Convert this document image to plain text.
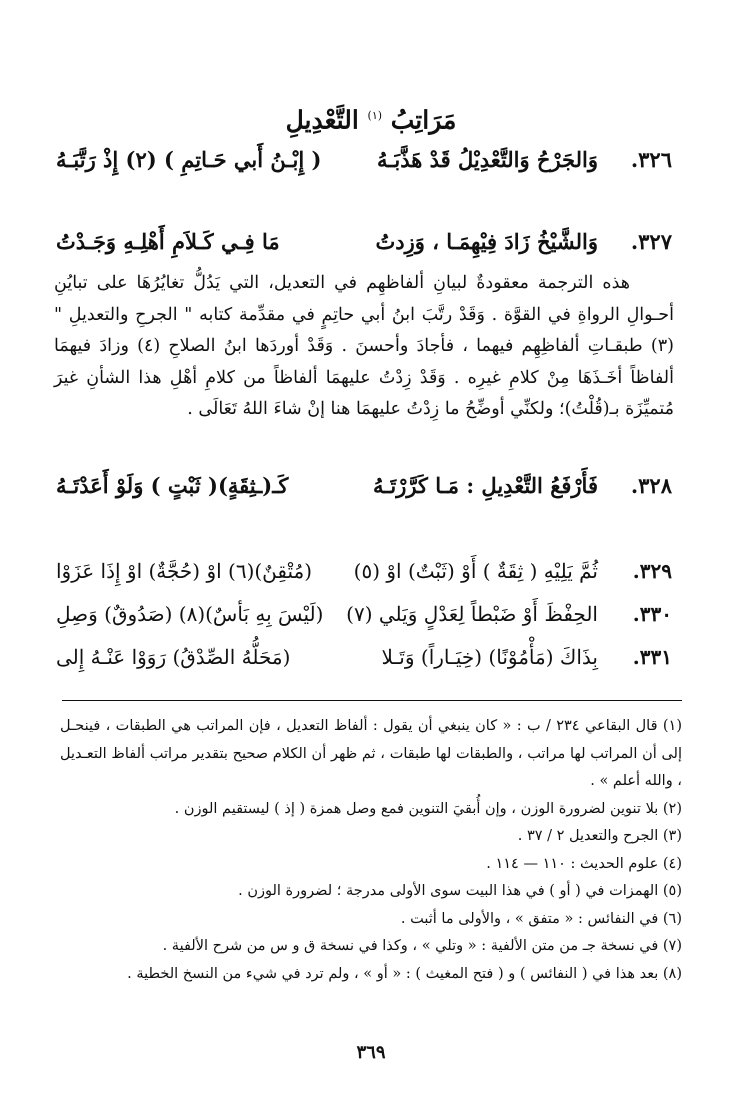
مَرَاتِبُ $^{(١)}$ التَّعْدِيلِ
٣٢٦.
وَالجَرْحُ وَالتَّعْدِيْلُ قَدْ هَذَّبَـهُ
( إِبْـنُ أَبي حَـاتِمِ ) (٢) إِذْ رَتَّبَـهُ
٣٢٧.
وَالشَّيْخُ زَادَ فِيْهِمَـا ، وَزِدتُ
مَا فِـي كَـلاَمِ أَهْلِـهِ وَجَـدْتُ

هذه الترجمة معقودةٌ لبيانِ ألفاظهِم في التعديل، التي يَدُلُّ تغايُرُهَا على تبايُنِ أحـوالِ الرواةِ في القوَّة . وَقَدْ رتَّبَ ابنُ أبي حاتِمٍ في مقدِّمة كتابه " الجرحِ والتعديلِ " (٣) طبقـاتِ ألفاظِهِم فيهما ، فأجادَ وأحسنَ . وَقَدْ أوردَها ابنُ الصلاحِ (٤) وزادَ فيهمَا ألفاظاً أخَـذَهَا مِنْ كلامِ غيرِه . وَقَدْ زِدْتُ عليهمَا ألفاظاً من كلامِ أهْلِ هذا الشأنِ غيرَ مُتميِّزَة بـ(قُلْتُ)؛ ولكنِّي أوضِّحُ ما زِدْتُ عليهمَا هنا إنْ شاءَ اللهُ تَعَالَى .

٣٢٨.
فَأَرْفَعُ التَّعْدِيلِ : مَـا كَرَّرْتَـهُ
كَـ(ـثِقَةٍ)( ثَبْتٍ ) وَلَوْ أَعَدْتَـهُ
٣٢٩.
ثُمَّ يَلِيْهِ ( ثِقَةٌ ) أَوْ (ثَبْتٌ) اوْ (٥)
(مُتْقِنٌ)(٦) اوْ (حُجَّةٌ) اوْ إِذَا عَزَوْا
٣٣٠.
الحِفْظَ أَوْ ضَبْطاً لِعَدْلٍ وَيَلي (٧)
(لَيْسَ بِهِ بَأسٌ)(٨) (صَدُوقٌ) وَصِلِ
٣٣١.
بِذَاكَ (مَأْمُوْنًا) (خِيَـاراً) وَتَـلا
(مَحَلُّهُ الصِّدْقُ) رَوَوْا عَنْـهُ إِلى

(١) قال البقاعي ٢٣٤ / ب : « كان ينبغي أن يقول : ألفاظ التعديل ، فإن المراتب هي الطبقات ، فينحـل إلى أن المراتب لها مراتب ، والطبقات لها طبقات ، ثم ظهر أن الكلام صحيح بتقدير مراتب ألفاظ التعـديل ، والله أعلم » .

(٢) بلا تنوين لضرورة الوزن ، وإن أُبقيَ التنوين فمع وصل همزة ( إذ ) ليستقيم الوزن .

(٣) الجرح والتعديل ٢ / ٣٧ .

(٤) علوم الحديث : ١١٠ — ١١٤ .

(٥) الهمزات في ( أو ) في هذا البيت سوى الأولى مدرجة ؛ لضرورة الوزن .

(٦) في النفائس : « متفق » ، والأولى ما أثبت .

(٧) في نسخة جـ من متن الألفية : « وتلي » ، وكذا في نسخة ق و س من شرح الألفية .

(٨) بعد هذا في ( النفائس ) و ( فتح المغيث ) : « أو » ، ولم ترد في شيء من النسخ الخطية .

٣٦٩
